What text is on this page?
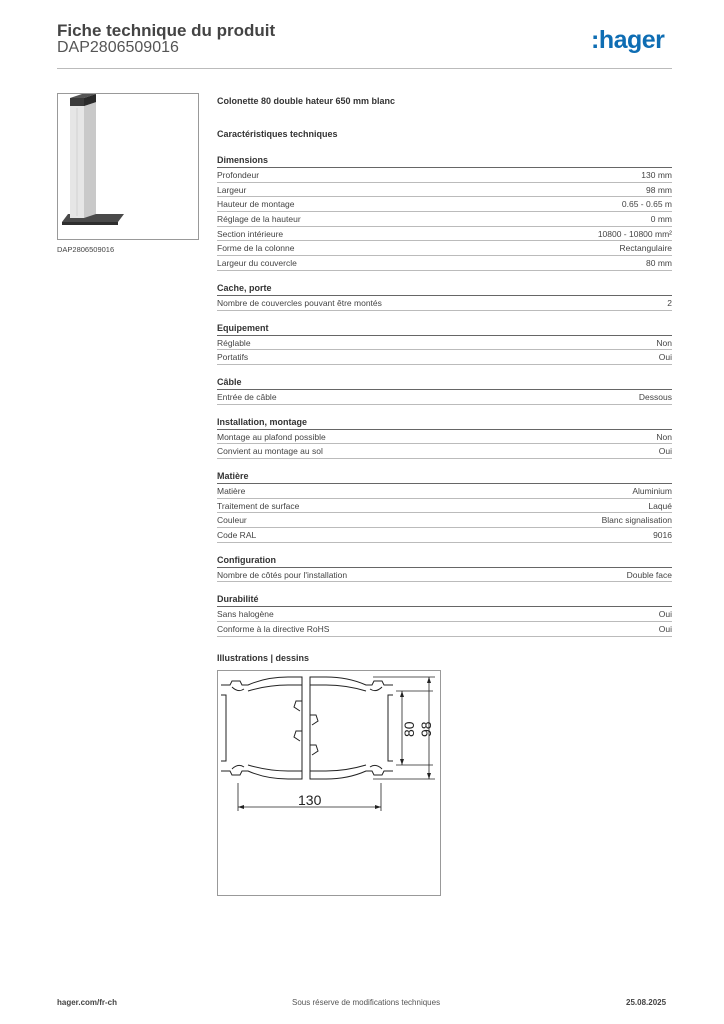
Fiche technique du produit
DAP2806509016	:hager
DAP2806509016
Colonette 80 double hateur 650 mm blanc
Caractéristiques techniques
Dimensions
Profondeur	130 mm
Largeur	98 mm
Hauteur de montage	0.65 - 0.65 m
Réglage de la hauteur	0 mm
Section intérieure	10800 - 10800 mm²
Forme de la colonne	Rectangulaire
Largeur du couvercle	80 mm
Cache, porte
Nombre de couvercles pouvant être montés	2
Equipement
Réglable	Non
Portatifs	Oui
Câble
Entrée de câble	Dessous
Installation, montage
Montage au plafond possible	Non
Convient au montage au sol	Oui
Matière
Matière	Aluminium
Traitement de surface	Laqué
Couleur	Blanc signalisation
Code RAL	9016
Configuration
Nombre de côtés pour l'installation	Double face
Durabilité
Sans halogène	Oui
Conforme à la directive RoHS	Oui
Illustrations | dessins
130
80 98
hager.com/fr-ch	Sous réserve de modifications techniques	25.08.2025
